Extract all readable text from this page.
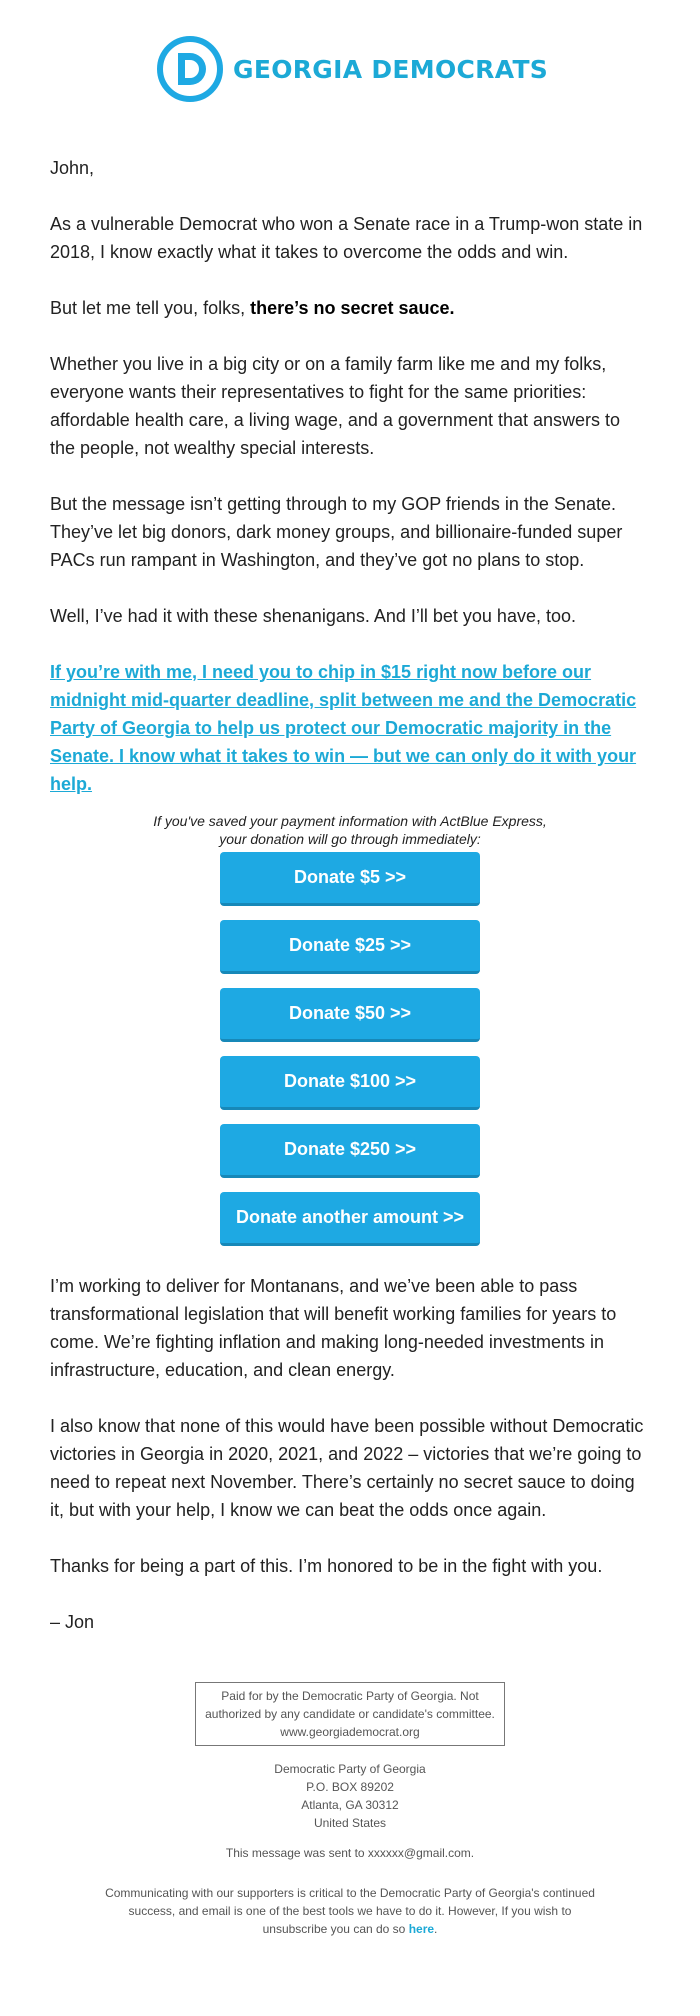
GEORGIA DEMOCRATS

John,

As a vulnerable Democrat who won a Senate race in a Trump-won state in 2018, I know exactly what it takes to overcome the odds and win.

But let me tell you, folks, there’s no secret sauce.

Whether you live in a big city or on a family farm like me and my folks, everyone wants their representatives to fight for the same priorities: affordable health care, a living wage, and a government that answers to the people, not wealthy special interests.

But the message isn’t getting through to my GOP friends in the Senate. They’ve let big donors, dark money groups, and billionaire-funded super PACs run rampant in Washington, and they’ve got no plans to stop.

Well, I’ve had it with these shenanigans. And I’ll bet you have, too.

If you’re with me, I need you to chip in $15 right now before our midnight mid-quarter deadline, split between me and the Democratic Party of Georgia to help us protect our Democratic majority in the Senate. I know what it takes to win — but we can only do it with your help.
If you've saved your payment information with ActBlue Express,
your donation will go through immediately:
Donate $5 >>
Donate $25 >>
Donate $50 >>
Donate $100 >>
Donate $250 >>
Donate another amount >>

I’m working to deliver for Montanans, and we’ve been able to pass transformational legislation that will benefit working families for years to come. We’re fighting inflation and making long-needed investments in infrastructure, education, and clean energy.

I also know that none of this would have been possible without Democratic victories in Georgia in 2020, 2021, and 2022 – victories that we’re going to need to repeat next November. There’s certainly no secret sauce to doing it, but with your help, I know we can beat the odds once again.

Thanks for being a part of this. I’m honored to be in the fight with you.

– Jon

Paid for by the Democratic Party of Georgia. Not
authorized by any candidate or candidate's committee.
www.georgiademocrat.org
Democratic Party of Georgia
P.O. BOX 89202
Atlanta, GA 30312
United States
This message was sent to xxxxxx@gmail.com.
Communicating with our supporters is critical to the Democratic Party of Georgia's continued
success, and email is one of the best tools we have to do it. However, If you wish to
unsubscribe you can do so here.
